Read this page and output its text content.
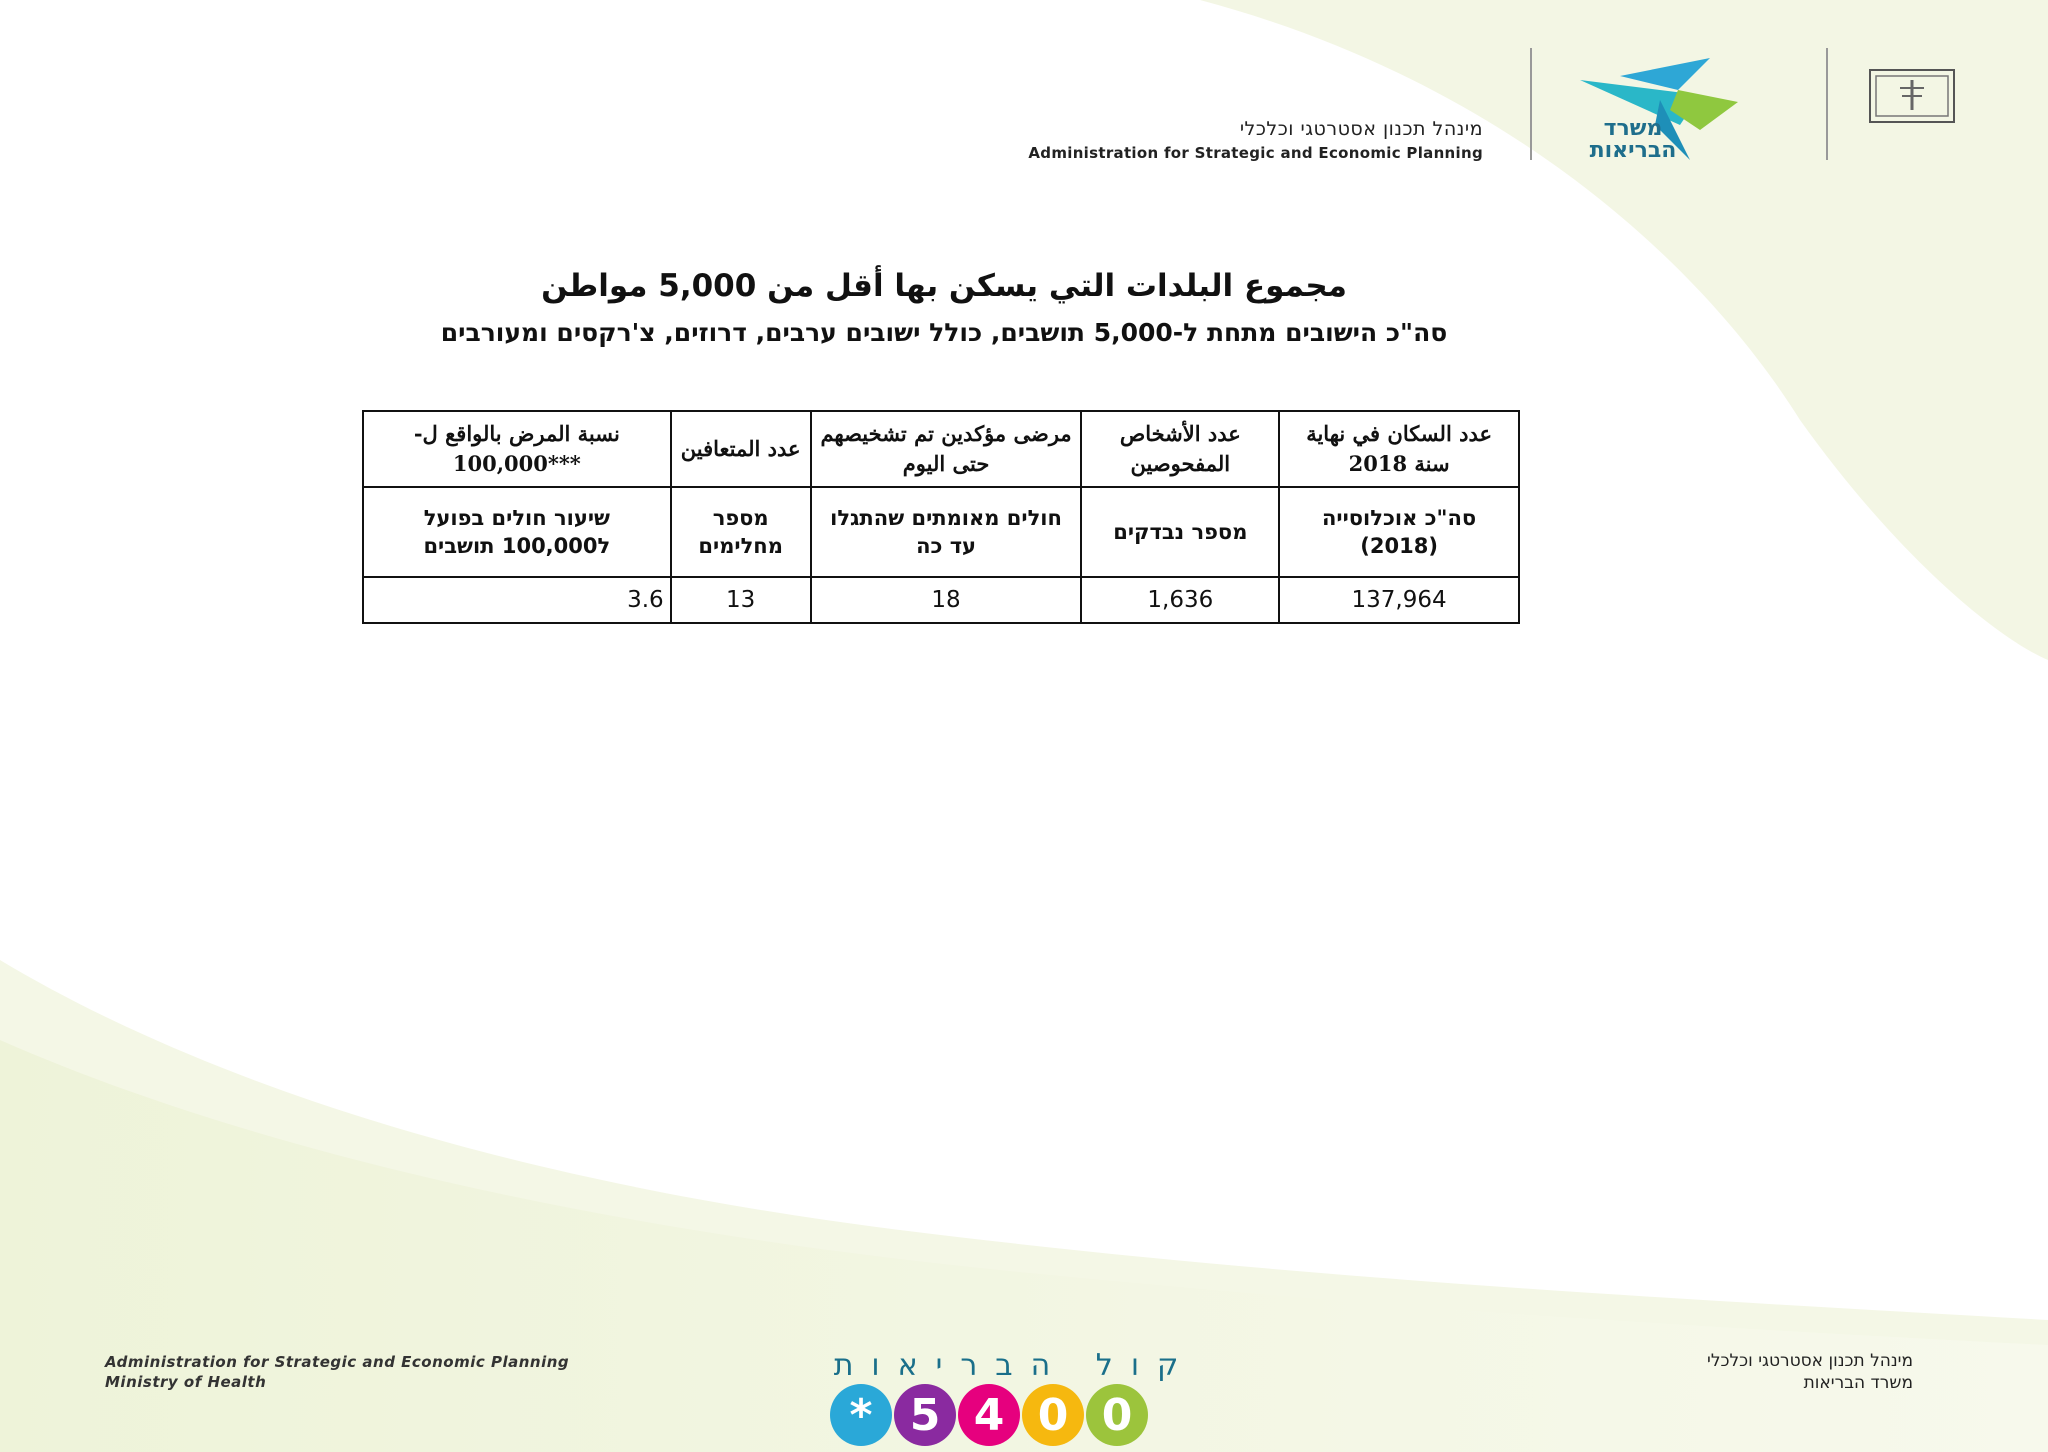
מינהל תכנון אסטרטגי וכלכלי
Administration for Strategic and Economic Planning
משרד הבריאות
مجموع البلدات التي يسكن بها أقل من 5,000 مواطن
סה"כ הישובים מתחת ל-5,000 תושבים, כולל ישובים ערבים, דרוזים, צ'רקסים ומעורבים
عدد السكان في نهاية سنة 2018	عدد الأشخاص المفحوصين	مرضى مؤكدين تم تشخيصهم حتى اليوم	عدد المتعافين	نسبة المرض بالواقع ل- ***100,000
סה"כ אוכלוסייה (2018)	מספר נבדקים	חולים מאומתים שהתגלו עד כה	מספר מחלימים	שיעור חולים בפועל ל100,000 תושבים
137,964	1,636	18	13	3.6
Administration for Strategic and Economic Planning
Ministry of Health	קול הבריאות
* 5 4 0 0
מינהל תכנון אסטרטגי וכלכלי
משרד הבריאות
